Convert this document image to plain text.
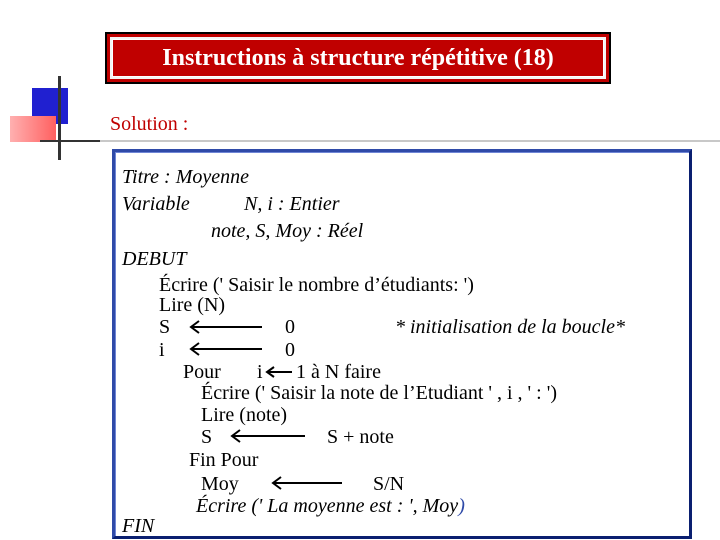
Instructions à structure répétitive (18)
Solution :
Titre : Moyenne
Variable	N, i : Entier
note, S, Moy : Réel
DEBUT
Écrire (' Saisir le nombre d’étudiants: ')
Lire (N)
S	0	* initialisation de la boucle*
i	0
Pour i 1 à N faire
Écrire (' Saisir la note de l’Etudiant ' , i , ' : ')
Lire (note)
S	S + note
Fin Pour
Moy	S/N
Écrire (' La moyenne est : ', Moy)
FIN
